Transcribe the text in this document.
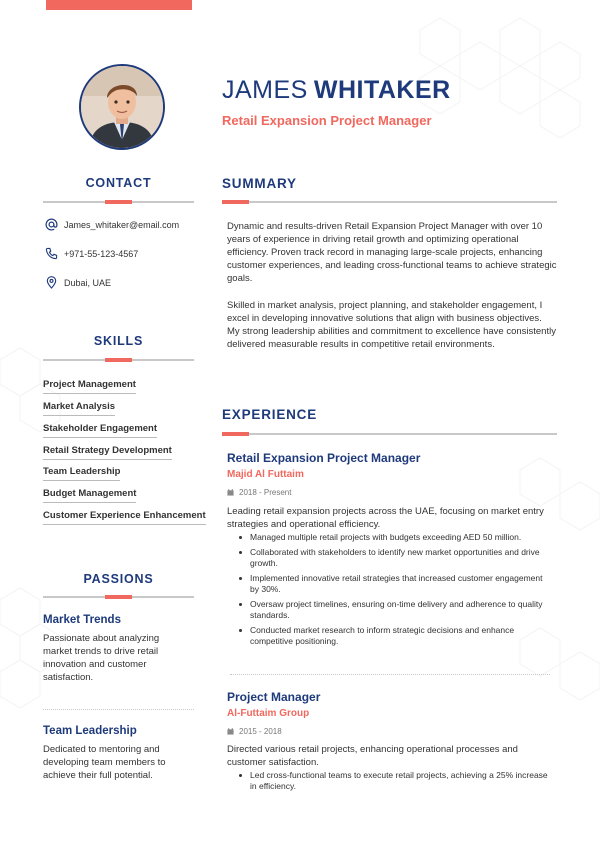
JAMES WHITAKER
Retail Expansion Project Manager
CONTACT
James_whitaker@email.com
+971-55-123-4567
Dubai, UAE
SKILLS
Project Management
Market Analysis
Stakeholder Engagement
Retail Strategy Development
Team Leadership
Budget Management
Customer Experience Enhancement
PASSIONS
Market Trends
Passionate about analyzing market trends to drive retail innovation and customer satisfaction.
Team Leadership
Dedicated to mentoring and developing team members to achieve their full potential.
SUMMARY
Dynamic and results-driven Retail Expansion Project Manager with over 10 years of experience in driving retail growth and optimizing operational efficiency. Proven track record in managing large-scale projects, enhancing customer experiences, and leading cross-functional teams to achieve strategic goals.
Skilled in market analysis, project planning, and stakeholder engagement, I excel in developing innovative solutions that align with business objectives. My strong leadership abilities and commitment to excellence have consistently delivered measurable results in competitive retail environments.
EXPERIENCE
Retail Expansion Project Manager
Majid Al Futtaim
2018 - Present
Leading retail expansion projects across the UAE, focusing on market entry strategies and operational efficiency.
Managed multiple retail projects with budgets exceeding AED 50 million.
Collaborated with stakeholders to identify new market opportunities and drive growth.
Implemented innovative retail strategies that increased customer engagement by 30%.
Oversaw project timelines, ensuring on-time delivery and adherence to quality standards.
Conducted market research to inform strategic decisions and enhance competitive positioning.
Project Manager
Al-Futtaim Group
2015 - 2018
Directed various retail projects, enhancing operational processes and customer satisfaction.
Led cross-functional teams to execute retail projects, achieving a 25% increase in efficiency.
